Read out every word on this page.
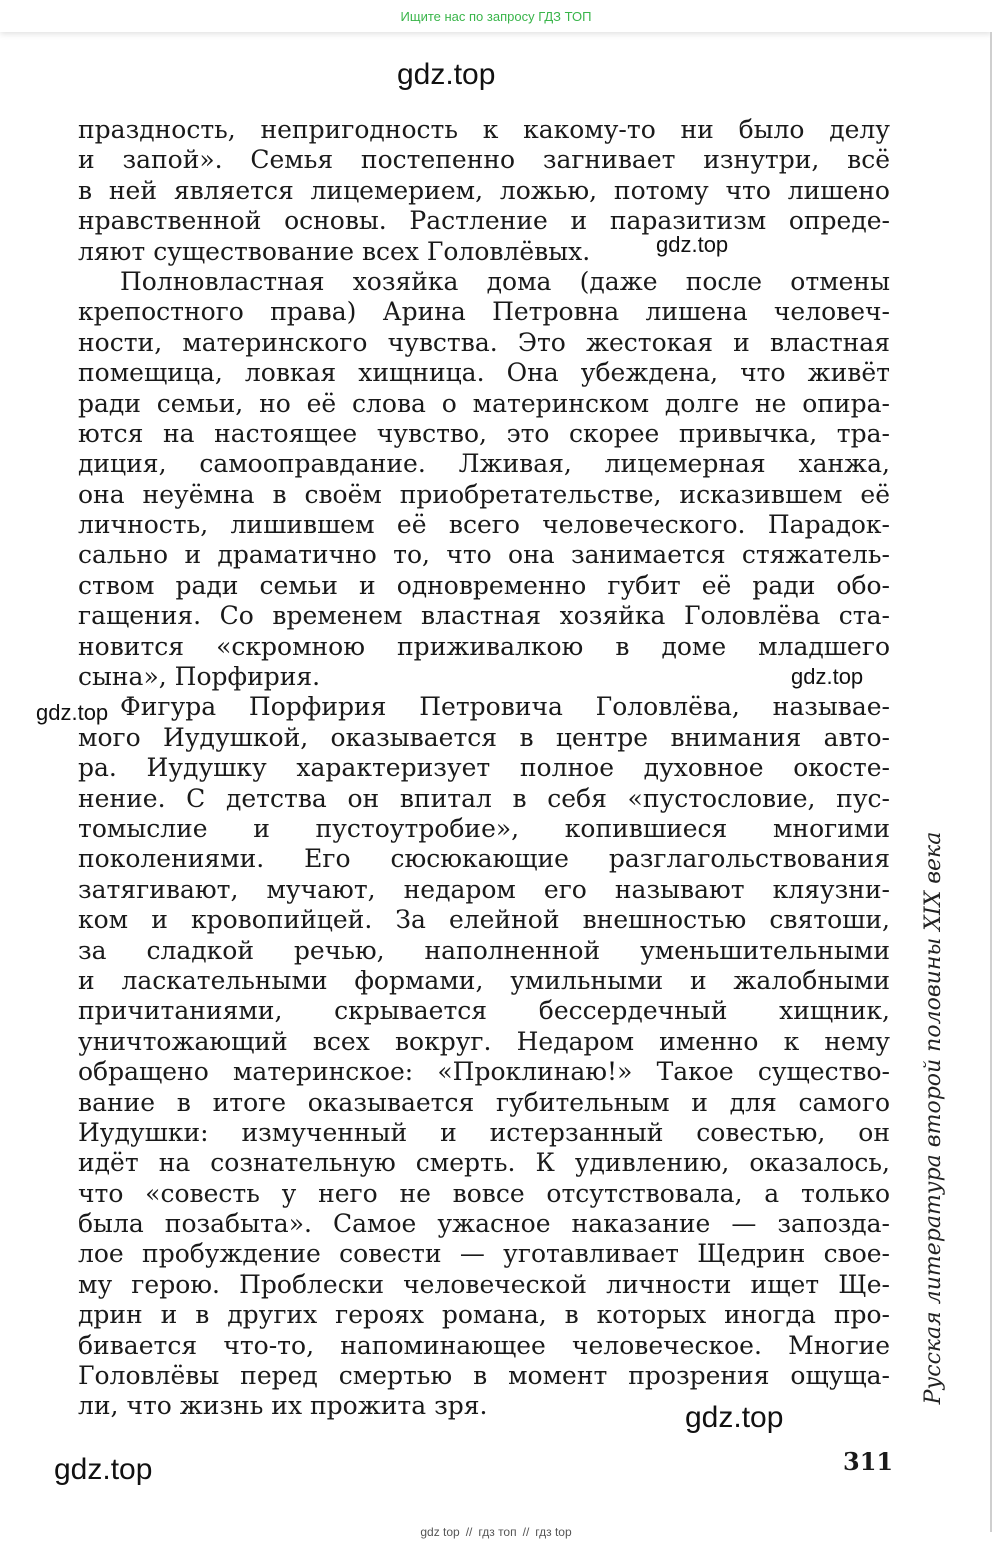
Ищите нас по запросу ГДЗ ТОП
gdz.top
праздность, непригодность к какому-то ни было делу
и запой». Семья постепенно загнивает изнутри, всё
в ней является лицемерием, ложью, потому что лишено
нравственной основы. Растление и паразитизм опреде-
ляют существование всех Головлёвых.
Полновластная хозяйка дома (даже после отмены
крепостного права) Арина Петровна лишена человеч-
ности, материнского чувства. Это жестокая и властная
помещица, ловкая хищница. Она убеждена, что живёт
ради семьи, но её слова о материнском долге не опира-
ются на настоящее чувство, это скорее привычка, тра-
диция, самооправдание. Лживая, лицемерная ханжа,
она неуёмна в своём приобретательстве, исказившем её
личность, лишившем её всего человеческого. Парадок-
сально и драматично то, что она занимается стяжатель-
ством ради семьи и одновременно губит её ради обо-
гащения. Со временем властная хозяйка Головлёва ста-
новится «скромною приживалкою в доме младшего
сына», Порфирия.
Фигура Порфирия Петровича Головлёва, называе-
мого Иудушкой, оказывается в центре внимания авто-
ра. Иудушку характеризует полное духовное окосте-
нение. С детства он впитал в себя «пустословие, пус-
томыслие и пустоутробие», копившиеся многими
поколениями. Его сюсюкающие разглагольствования
затягивают, мучают, недаром его называют кляузни-
ком и кровопийцей. За елейной внешностью святоши,
за сладкой речью, наполненной уменьшительными
и ласкательными формами, умильными и жалобными
причитаниями, скрывается бессердечный хищник,
уничтожающий всех вокруг. Недаром именно к нему
обращено материнское: «Проклинаю!» Такое существо-
вание в итоге оказывается губительным и для самого
Иудушки: измученный и истерзанный совестью, он
идёт на сознательную смерть. К удивлению, оказалось,
что «совесть у него не вовсе отсутствовала, а только
была позабыта». Самое ужасное наказание — запозда-
лое пробуждение совести — уготавливает Щедрин свое-
му герою. Проблески человеческой личности ищет Ще-
дрин и в других героях романа, в которых иногда про-
бивается что-то, напоминающее человеческое. Многие
Головлёвы перед смертью в момент прозрения ощуща-
ли, что жизнь их прожита зря.
gdz.top
gdz.top
gdz.top
gdz.top
gdz.top
Русская литература второй половины XIX века
311
gdz top // гдз топ // гдз top
